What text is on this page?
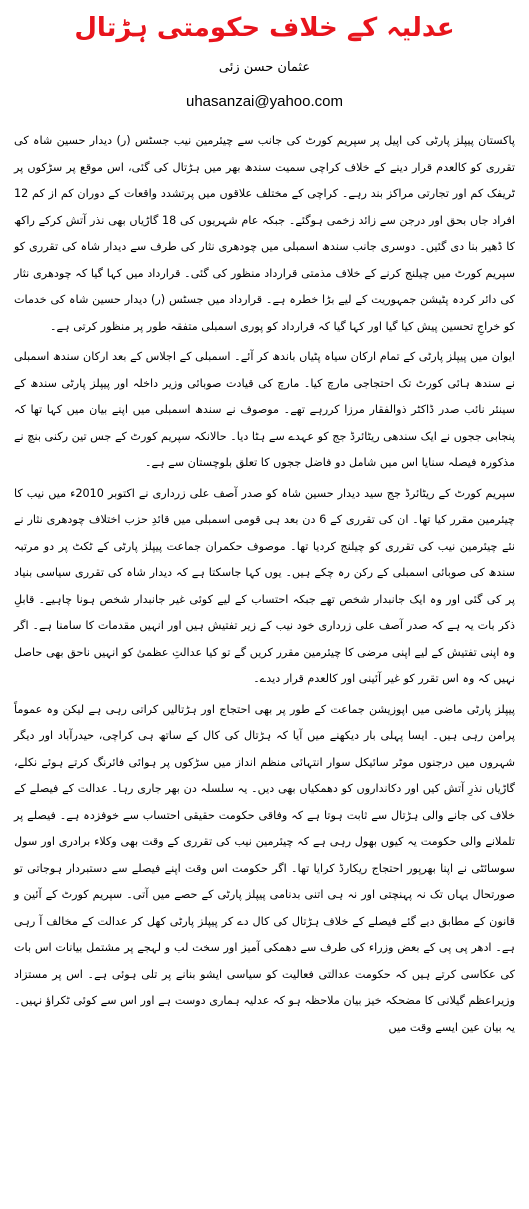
عدلیہ کے خلاف حکومتی ہڑتال
عثمان حسن زئی
uhasanzai@yahoo.com

پاکستان پیپلز پارٹی کی اپیل پر سپریم کورٹ کی جانب سے چیئرمین نیب جسٹس (ر) دیدار حسین شاہ کی تقرری کو کالعدم قرار دینے کے خلاف کراچی سمیت سندھ بھر میں ہڑتال کی گئی، اس موقع پر سڑکوں پر ٹریفک کم اور تجارتی مراکز بند رہے۔ کراچی کے مختلف علاقوں میں پرتشدد واقعات کے دوران کم از کم 12 افراد جاں بحق اور درجن سے زائد زخمی ہوگئے۔ جبکہ عام شہریوں کی 18 گاڑیاں بھی نذر آتش کرکے راکھ کا ڈھیر بنا دی گئیں۔ دوسری جانب سندھ اسمبلی میں چودھری نثار کی طرف سے دیدار شاہ کی تقرری کو سپریم کورٹ میں چیلنج کرنے کے خلاف مذمتی قرارداد منظور کی گئی۔ قرارداد میں کہا گیا کہ چودھری نثار کی دائر کردہ پٹیشن جمہوریت کے لیے بڑا خطرہ ہے۔ قرارداد میں جسٹس (ر) دیدار حسین شاہ کی خدمات کو خراجِ تحسین پیش کیا گیا اور کہا گیا کہ قرارداد کو پوری اسمبلی متفقہ طور پر منظور کرتی ہے۔

ایوان میں پیپلز پارٹی کے تمام ارکان سیاہ پٹیاں باندھ کر آئے۔ اسمبلی کے اجلاس کے بعد ارکان سندھ اسمبلی نے سندھ ہائی کورٹ تک احتجاجی مارچ کیا۔ مارچ کی قیادت صوبائی وزیر داخلہ اور پیپلز پارٹی سندھ کے سینئر نائب صدر ڈاکٹر ذوالفقار مرزا کررہے تھے۔ موصوف نے سندھ اسمبلی میں اپنے بیان میں کہا تھا کہ پنجابی ججوں نے ایک سندھی ریٹائرڈ جج کو عہدے سے ہٹا دیا۔ حالانکہ سپریم کورٹ کے جس تین رکنی بنچ نے مذکورہ فیصلہ سنایا اس میں شامل دو فاضل ججوں کا تعلق بلوچستان سے ہے۔

سپریم کورٹ کے ریٹائرڈ جج سید دیدار حسین شاہ کو صدر آصف علی زرداری نے اکتوبر 2010ء میں نیب کا چیئرمین مقرر کیا تھا۔ ان کی تقرری کے 6 دن بعد ہی قومی اسمبلی میں قائدِ حزب اختلاف چودھری نثار نے نئے چیئرمین نیب کی تقرری کو چیلنج کردیا تھا۔ موصوف حکمران جماعت پیپلز پارٹی کے ٹکٹ پر دو مرتبہ سندھ کی صوبائی اسمبلی کے رکن رہ چکے ہیں۔ یوں کہا جاسکتا ہے کہ دیدار شاہ کی تقرری سیاسی بنیاد پر کی گئی اور وہ ایک جانبدار شخص تھے جبکہ احتساب کے لیے کوئی غیر جانبدار شخص ہونا چاہیے۔ قابلِ ذکر بات یہ ہے کہ صدر آصف علی زرداری خود نیب کے زیر تفتیش ہیں اور انہیں مقدمات کا سامنا ہے۔ اگر وہ اپنی تفتیش کے لیے اپنی مرضی کا چیئرمین مقرر کریں گے تو کیا عدالتِ عظمیٰ کو انہیں ناحق بھی حاصل نہیں کہ وہ اس تقرر کو غیر آئینی اور کالعدم قرار دیدے۔

پیپلز پارٹی ماضی میں اپوزیشن جماعت کے طور پر بھی احتجاج اور ہڑتالیں کراتی رہی ہے لیکن وہ عموماً پرامن رہی ہیں۔ ایسا پہلی بار دیکھنے میں آیا کہ ہڑتال کی کال کے ساتھ ہی کراچی، حیدرآباد اور دیگر شہروں میں درجنوں موٹر سائیکل سوار انتہائی منظم انداز میں سڑکوں پر ہوائی فائرنگ کرتے ہوئے نکلے، گاڑیاں نذرِ آتش کیں اور دکانداروں کو دھمکیاں بھی دیں۔ یہ سلسلہ دن بھر جاری رہا۔ عدالت کے فیصلے کے خلاف کی جانے والی ہڑتال سے ثابت ہوتا ہے کہ وفاقی حکومت حقیقی احتساب سے خوفزدہ ہے۔ فیصلے پر تلملانے والی حکومت یہ کیوں بھول رہی ہے کہ چیئرمین نیب کی تقرری کے وقت بھی وکلاء برادری اور سول سوسائٹی نے اپنا بھرپور احتجاج ریکارڈ کرایا تھا۔ اگر حکومت اس وقت اپنے فیصلے سے دستبردار ہوجاتی تو صورتحال یہاں تک نہ پہنچتی اور نہ ہی اتنی بدنامی پیپلز پارٹی کے حصے میں آتی۔ سپریم کورٹ کے آئین و قانون کے مطابق دیے گئے فیصلے کے خلاف ہڑتال کی کال دے کر پیپلز پارٹی کھل کر عدالت کے مخالف آ رہی ہے۔ ادھر پی پی کے بعض وزراء کی طرف سے دھمکی آمیز اور سخت لب و لہجے پر مشتمل بیانات اس بات کی عکاسی کرتے ہیں کہ حکومت عدالتی فعالیت کو سیاسی ایشو بنانے پر تلی ہوئی ہے۔ اس پر مستزاد وزیراعظم گیلانی کا مضحکہ خیز بیان ملاحظہ ہو کہ عدلیہ ہماری دوست ہے اور اس سے کوئی ٹکراؤ نہیں۔ یہ بیان عین ایسے وقت میں
